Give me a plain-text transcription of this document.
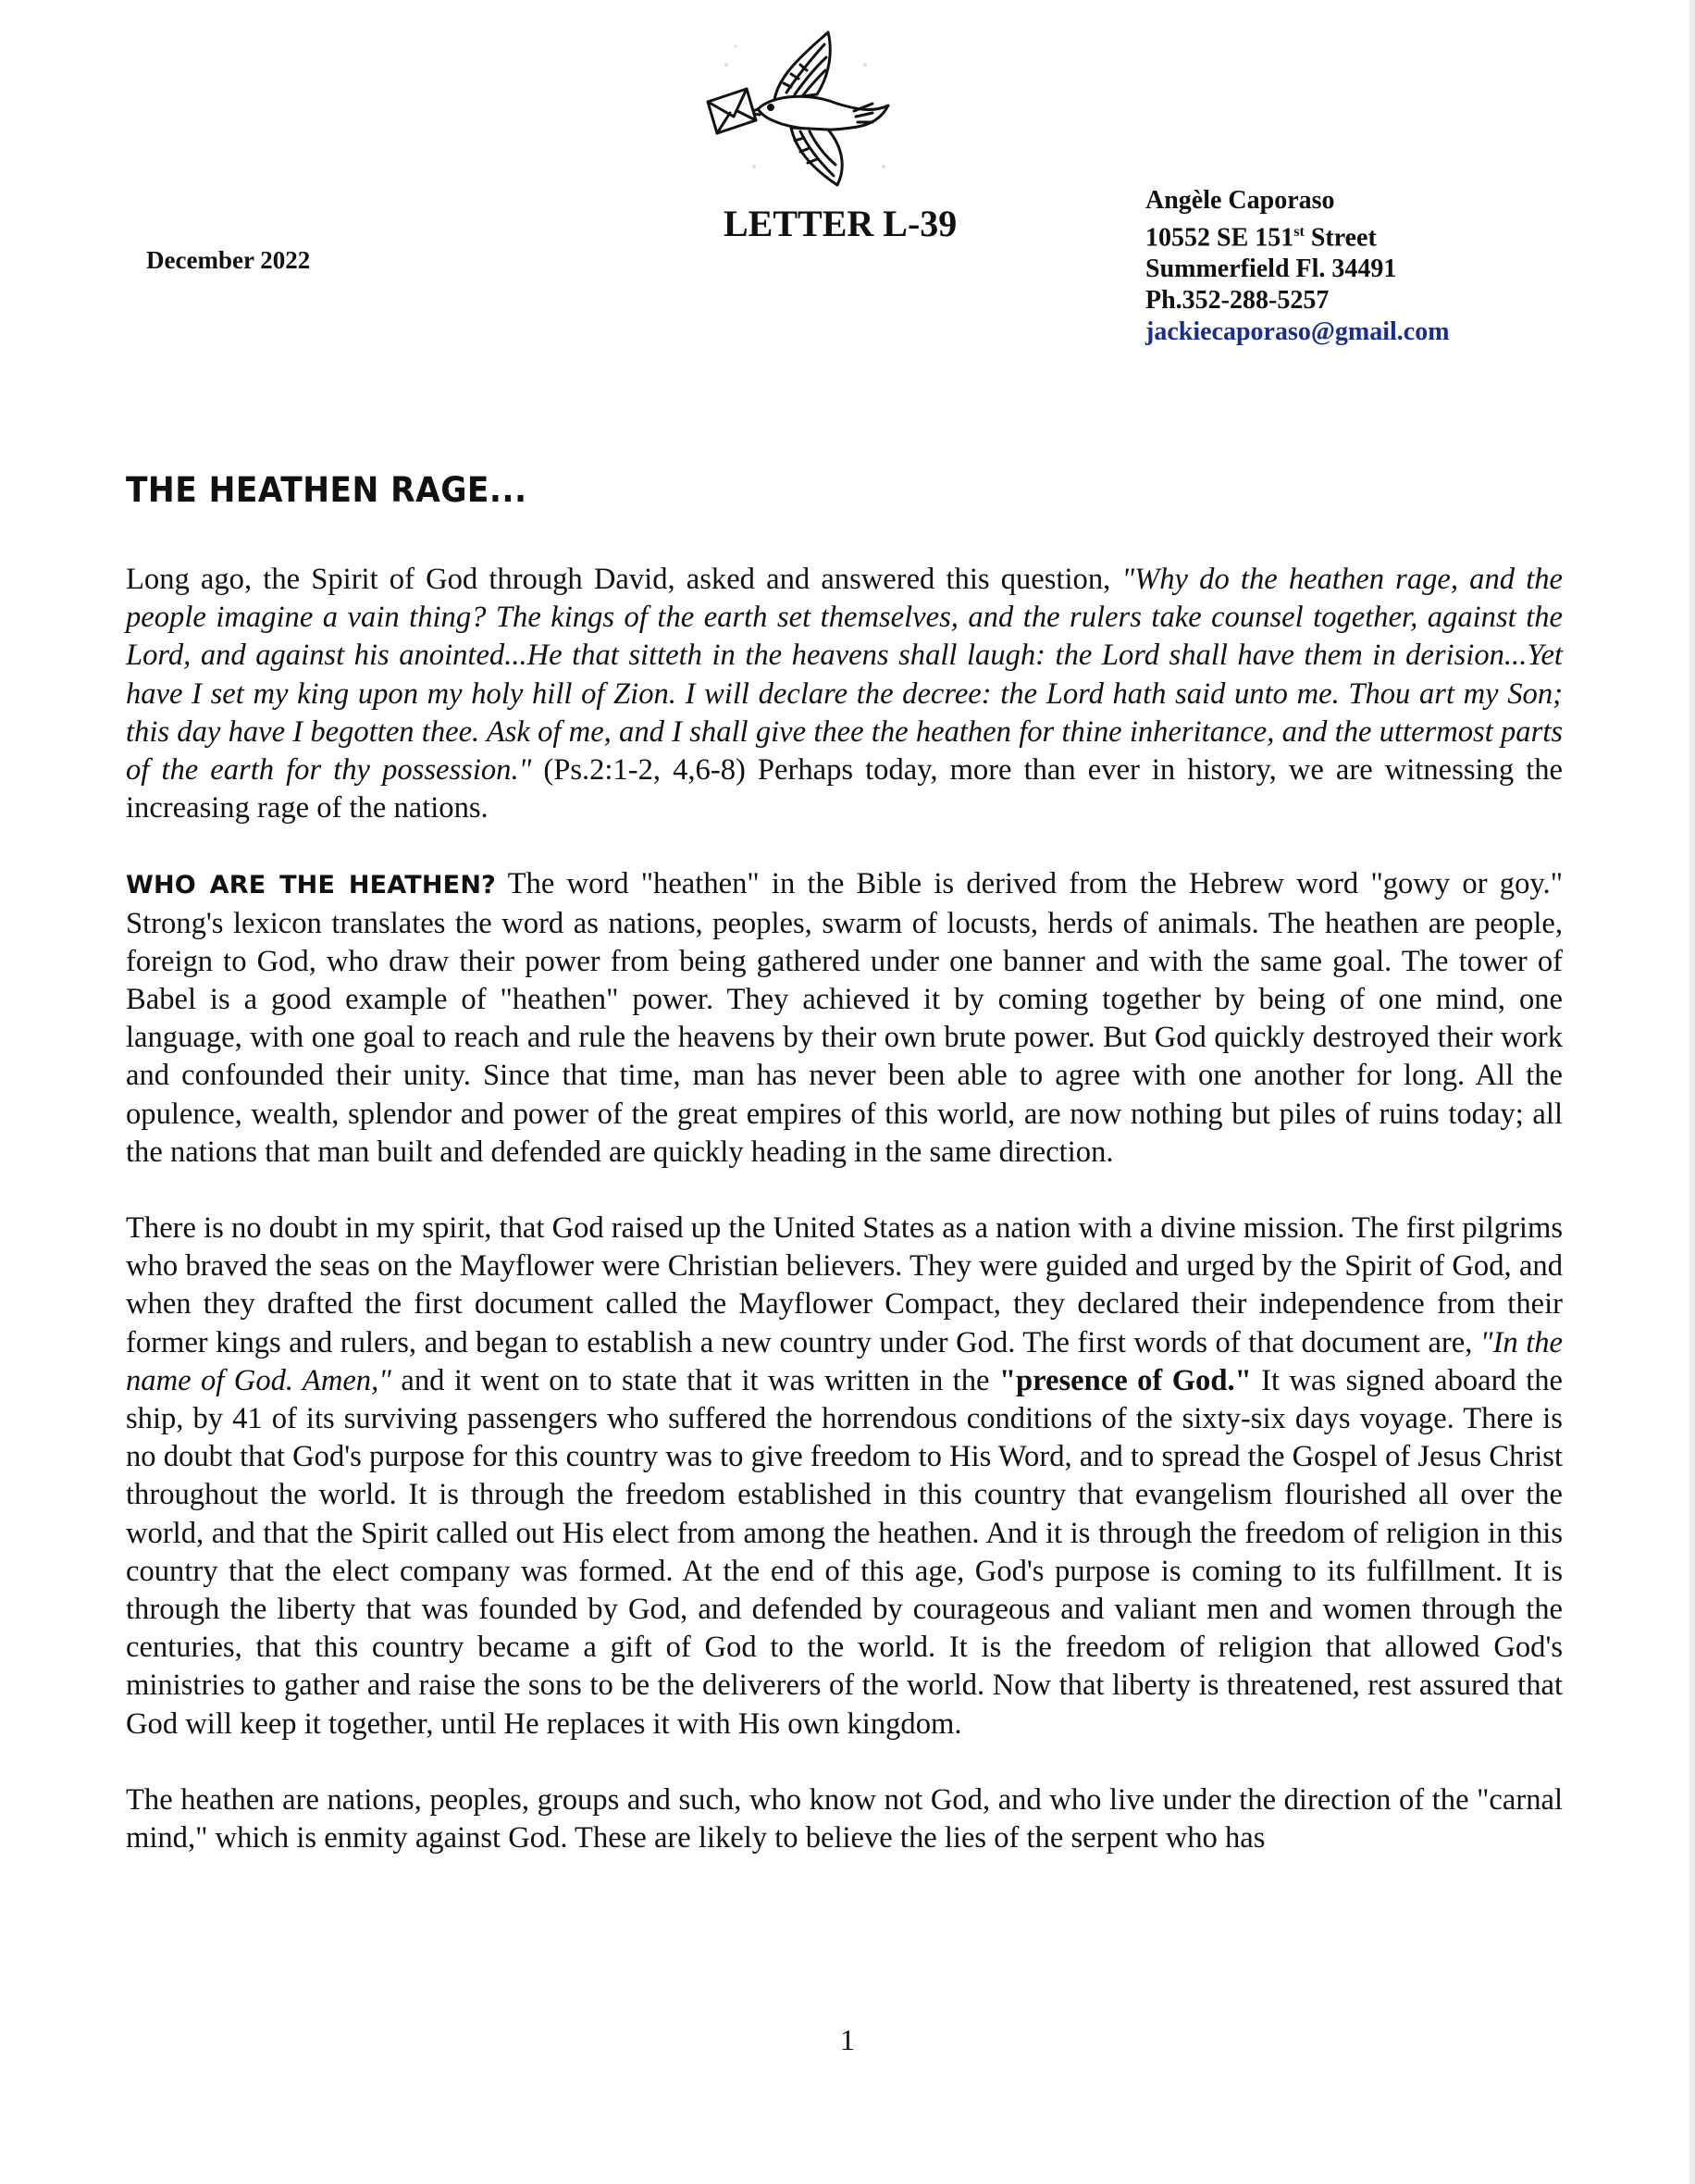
LETTER L-39
December 2022
Angèle Caporaso
10552 SE 151st Street
Summerfield Fl. 34491
Ph.352-288-5257
jackiecaporaso@gmail.com
THE HEATHEN RAGE...

Long ago, the Spirit of God through David, asked and answered this question, "Why do the heathen rage, and the people imagine a vain thing? The kings of the earth set themselves, and the rulers take counsel together, against the Lord, and against his anointed...He that sitteth in the heavens shall laugh: the Lord shall have them in derision...Yet have I set my king upon my holy hill of Zion. I will declare the decree: the Lord hath said unto me. Thou art my Son; this day have I begotten thee. Ask of me, and I shall give thee the heathen for thine inheritance, and the uttermost parts of the earth for thy possession." (Ps.2:1-2, 4,6-8) Perhaps today, more than ever in history, we are witnessing the increasing rage of the nations.

WHO ARE THE HEATHEN? The word "heathen" in the Bible is derived from the Hebrew word "gowy or goy." Strong's lexicon translates the word as nations, peoples, swarm of locusts, herds of animals. The heathen are people, foreign to God, who draw their power from being gathered under one banner and with the same goal. The tower of Babel is a good example of "heathen" power. They achieved it by coming together by being of one mind, one language, with one goal to reach and rule the heavens by their own brute power. But God quickly destroyed their work and confounded their unity. Since that time, man has never been able to agree with one another for long. All the opulence, wealth, splendor and power of the great empires of this world, are now nothing but piles of ruins today; all the nations that man built and defended are quickly heading in the same direction.

There is no doubt in my spirit, that God raised up the United States as a nation with a divine mission. The first pilgrims who braved the seas on the Mayflower were Christian believers. They were guided and urged by the Spirit of God, and when they drafted the first document called the Mayflower Compact, they declared their independence from their former kings and rulers, and began to establish a new country under God. The first words of that document are, "In the name of God. Amen," and it went on to state that it was written in the "presence of God." It was signed aboard the ship, by 41 of its surviving passengers who suffered the horrendous conditions of the sixty-six days voyage. There is no doubt that God's purpose for this country was to give freedom to His Word, and to spread the Gospel of Jesus Christ throughout the world. It is through the freedom established in this country that evangelism flourished all over the world, and that the Spirit called out His elect from among the heathen. And it is through the freedom of religion in this country that the elect company was formed. At the end of this age, God's purpose is coming to its fulfillment. It is through the liberty that was founded by God, and defended by courageous and valiant men and women through the centuries, that this country became a gift of God to the world. It is the freedom of religion that allowed God's ministries to gather and raise the sons to be the deliverers of the world. Now that liberty is threatened, rest assured that God will keep it together, until He replaces it with His own kingdom.

The heathen are nations, peoples, groups and such, who know not God, and who live under the direction of the "carnal mind," which is enmity against God. These are likely to believe the lies of the serpent who has

1
